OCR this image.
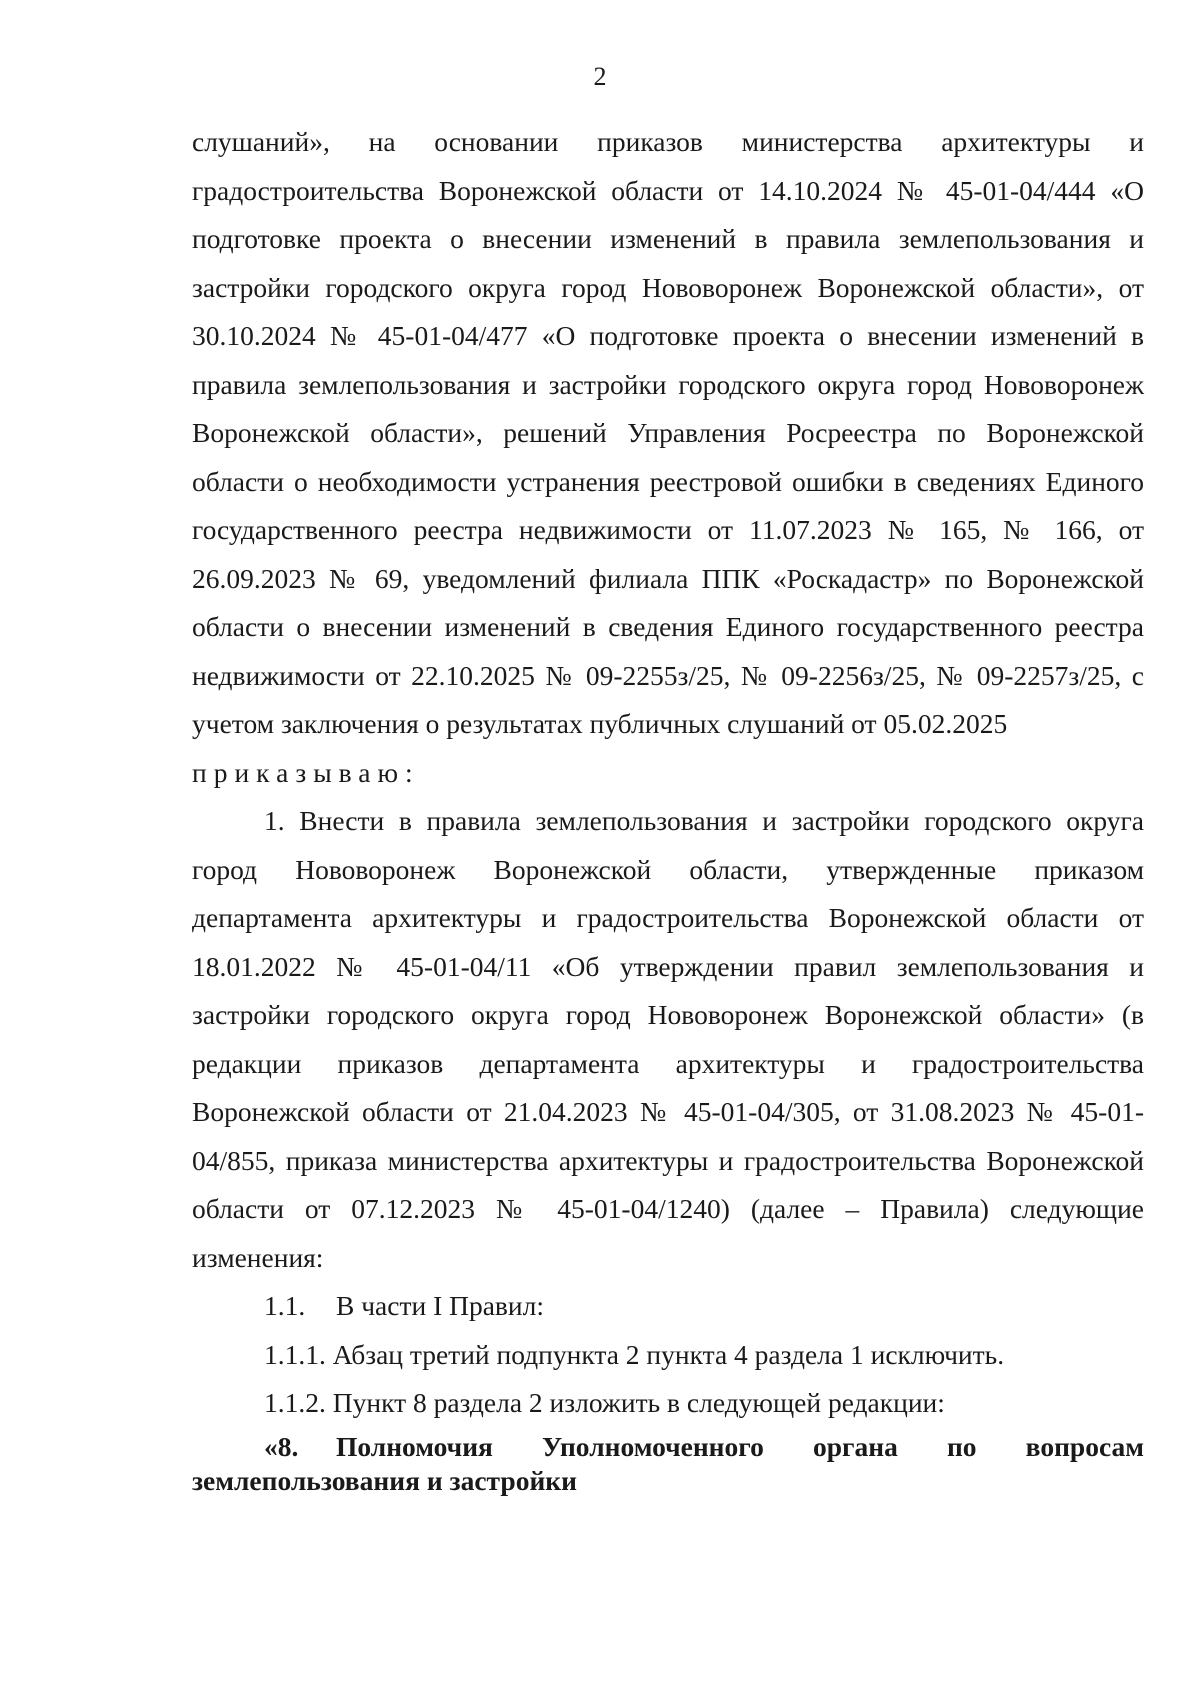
2

слушаний», на основании приказов министерства архитектуры и градостроительства Воронежской области от 14.10.2024 № 45-01-04/444 «О подготовке проекта о внесении изменений в правила землепользования и застройки городского округа город Нововоронеж Воронежской области», от 30.10.2024 № 45-01-04/477 «О подготовке проекта о внесении изменений в правила землепользования и застройки городского округа город Нововоронеж Воронежской области», решений Управления Росреестра по Воронежской области о необходимости устранения реестровой ошибки в сведениях Единого государственного реестра недвижимости от 11.07.2023 № 165, № 166, от 26.09.2023 № 69, уведомлений филиала ППК «Роскадастр» по Воронежской области о внесении изменений в сведения Единого государственного реестра недвижимости от 22.10.2025 № 09-2255з/25, № 09-2256з/25, № 09-2257з/25, с учетом заключения о результатах публичных слушаний от 05.02.2025

приказываю:

1. Внести в правила землепользования и застройки городского округа город Нововоронеж Воронежской области, утвержденные приказом департамента архитектуры и градостроительства Воронежской области от 18.01.2022 № 45-01-04/11 «Об утверждении правил землепользования и застройки городского округа город Нововоронеж Воронежской области» (в редакции приказов департамента архитектуры и градостроительства Воронежской области от 21.04.2023 № 45-01-04/305, от 31.08.2023 № 45-01-04/855, приказа министерства архитектуры и градостроительства Воронежской области от 07.12.2023 № 45-01-04/1240) (далее – Правила) следующие изменения:

1.1. В части I Правил:

1.1.1. Абзац третий подпункта 2 пункта 4 раздела 1 исключить.

1.1.2. Пункт 8 раздела 2 изложить в следующей редакции:

«8. Полномочия Уполномоченного органа по вопросам землепользования и застройки
